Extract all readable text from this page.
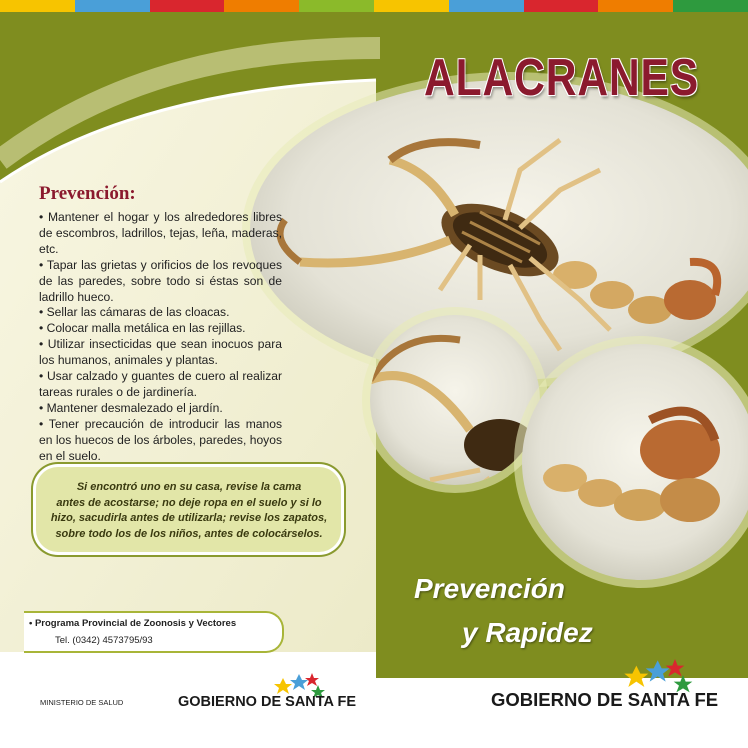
ALACRANES
Prevención:
• Mantener el hogar y los alrededores libres de escombros, ladrillos, tejas, leña, maderas, etc.
• Tapar las grietas y orificios de los revoques de las paredes, sobre todo si éstas son de ladrillo hueco.
• Sellar las cámaras de las cloacas.
• Colocar malla metálica en las rejillas.
• Utilizar insecticidas que sean inocuos para los humanos, animales y plantas.
• Usar calzado y guantes de cuero al realizar tareas rurales o de jardinería.
• Mantener desmalezado el jardín.
• Tener precaución de introducir las manos en los huecos de los árboles, paredes, hoyos en el suelo.
Si encontró uno en su casa, revise la cama
antes de acostarse; no deje ropa en el suelo y si lo
hizo, sacudirla antes de utilizarla; revise los zapatos,
sobre todo los de los niños, antes de colocárselos.
Prevención
y Rapidez
• Programa Provincial de Zoonosis y Vectores
Tel. (0342) 4573795/93
MINISTERIO DE SALUD	GOBIERNO DE SANTA FE	GOBIERNO DE SANTA FE
